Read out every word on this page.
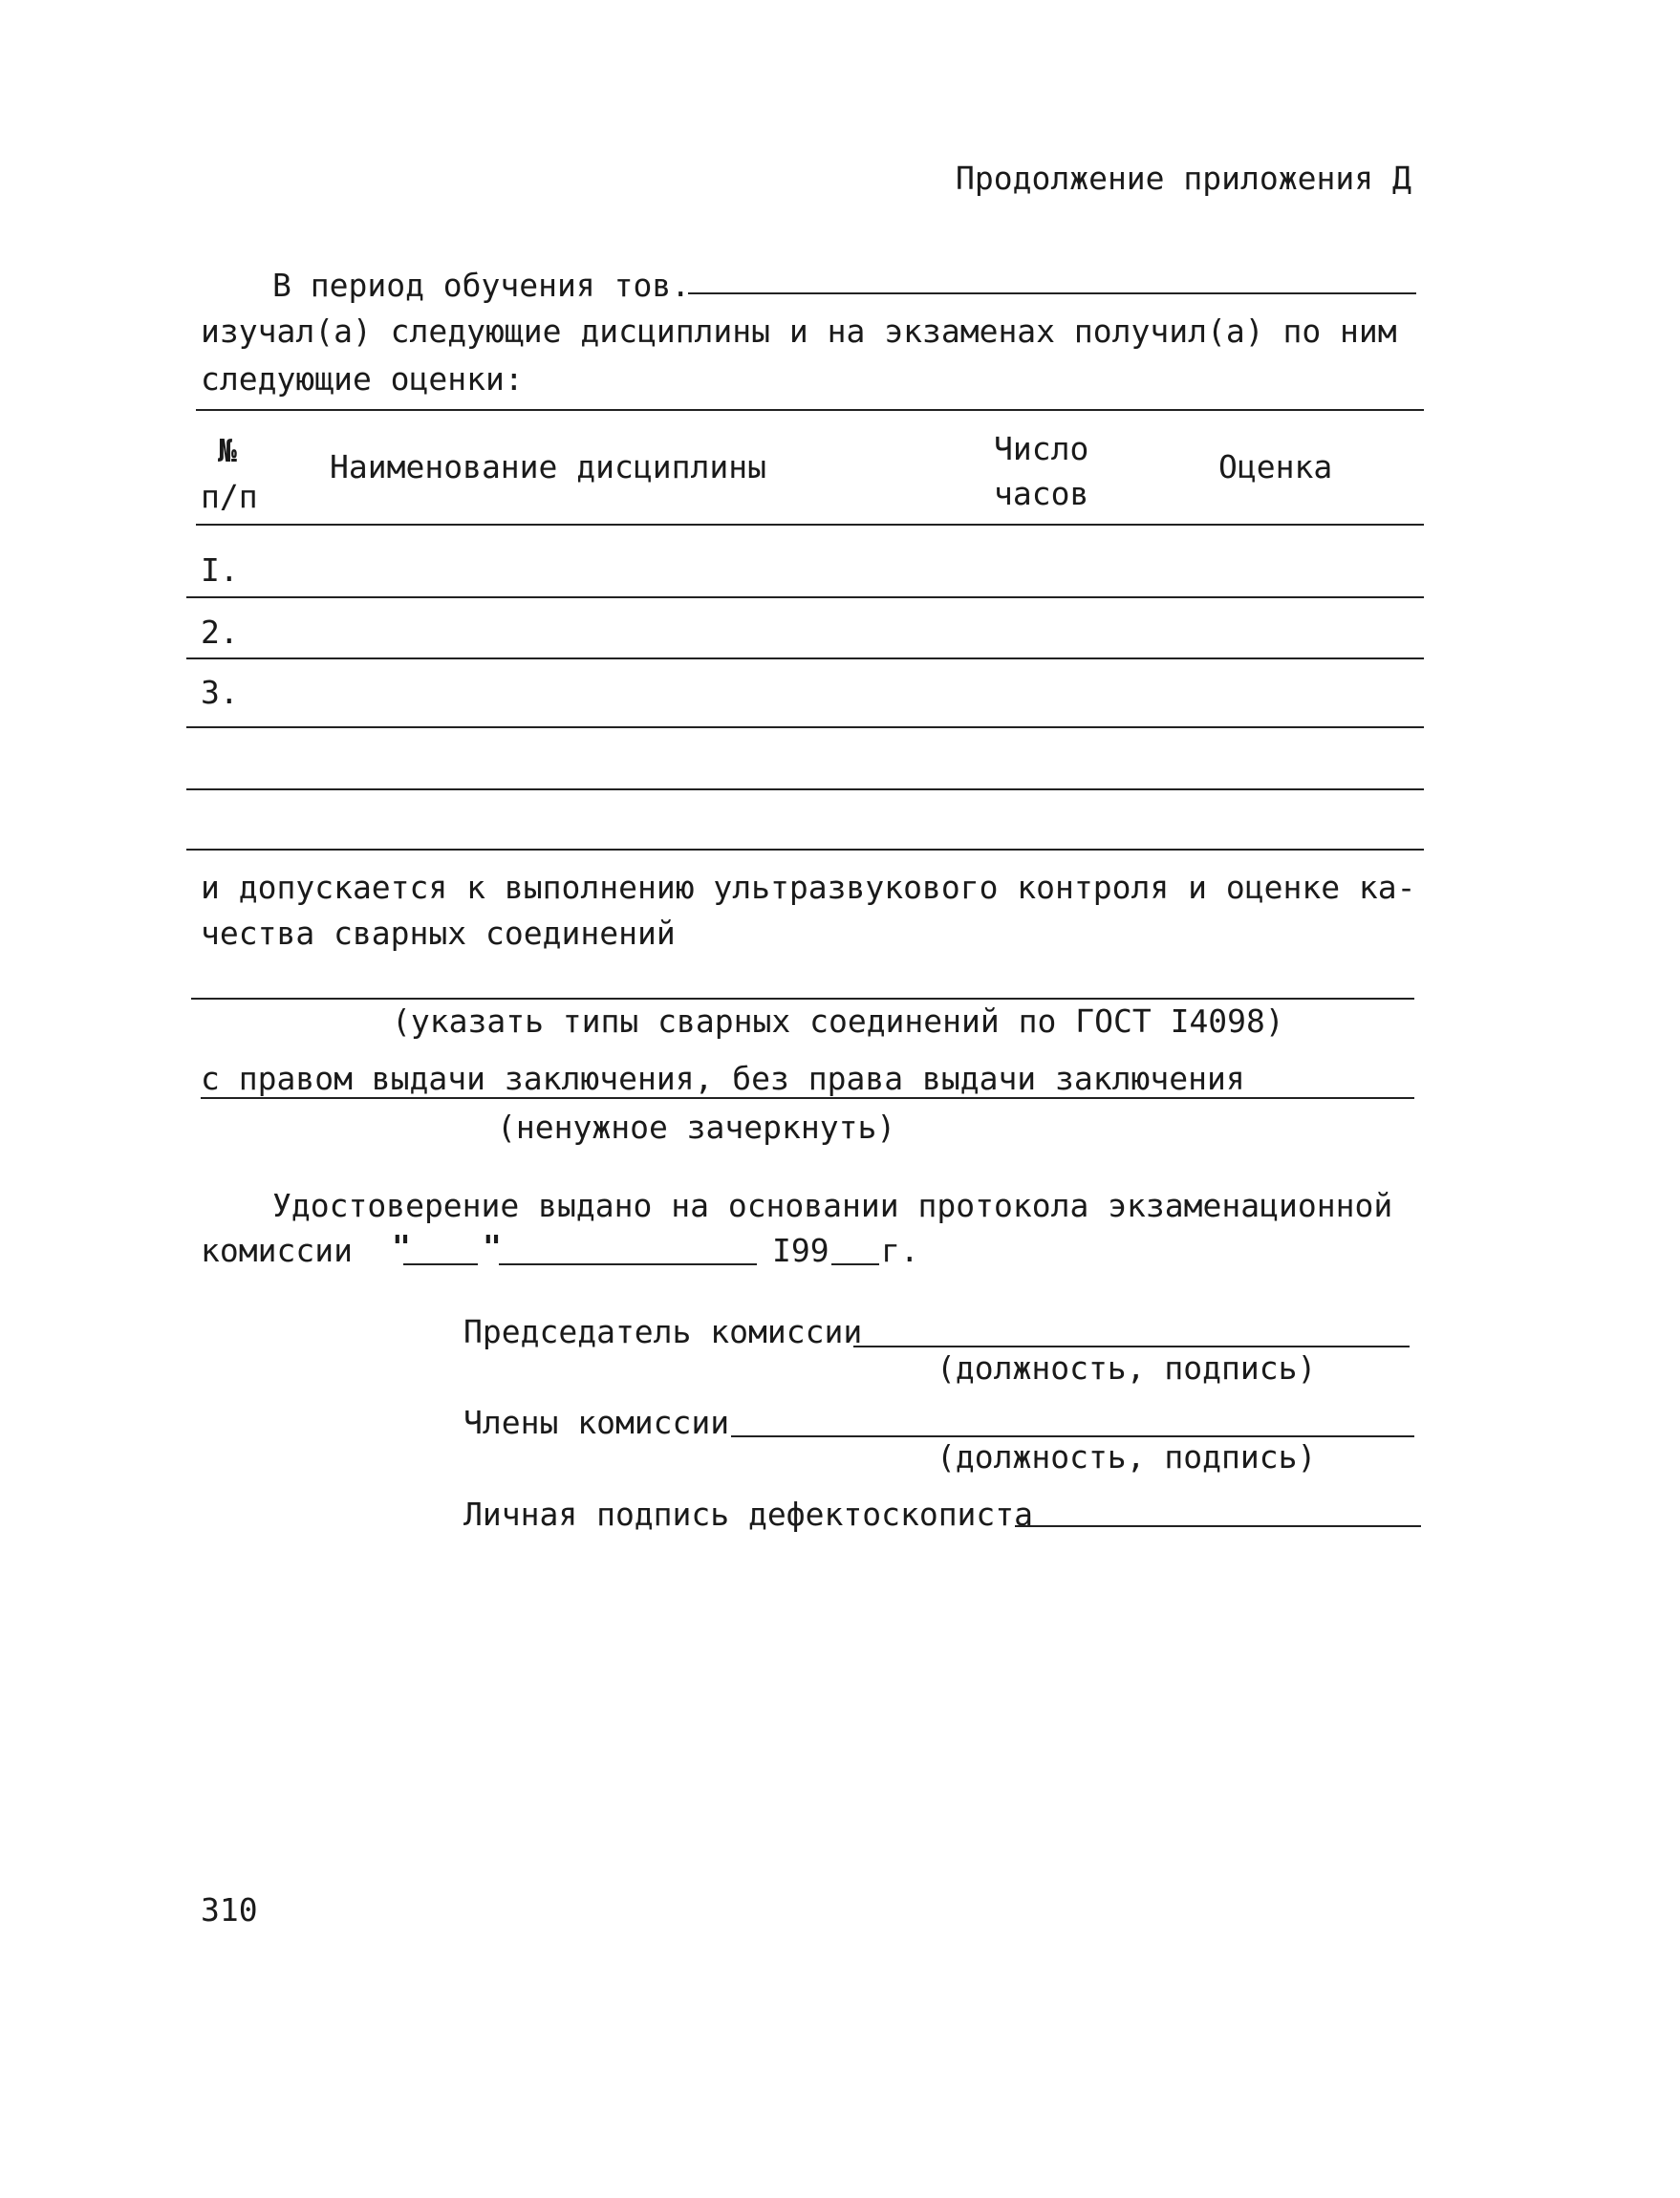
Продолжение приложения Д
В период обучения тов.
изучал(а) следующие дисциплины и на экзаменах получил(а) по ним
следующие оценки:
№
п/п
Наименование дисциплины	Число
часов
Оценка
I.
2.
3.
и допускается к выполнению ультразвукового контроля и оценке ка-
чества сварных соединений
(указать типы сварных соединений по ГОСТ I4098)
с правом выдачи заключения, без права выдачи заключения
(ненужное зачеркнуть)
Удостоверение выдано на основании протокола экзаменационной
комиссии " "	I99 г.
Председатель комиссии
(должность, подпись)
Члены комиссии
(должность, подпись)
Личная подпись дефектоскописта
310
